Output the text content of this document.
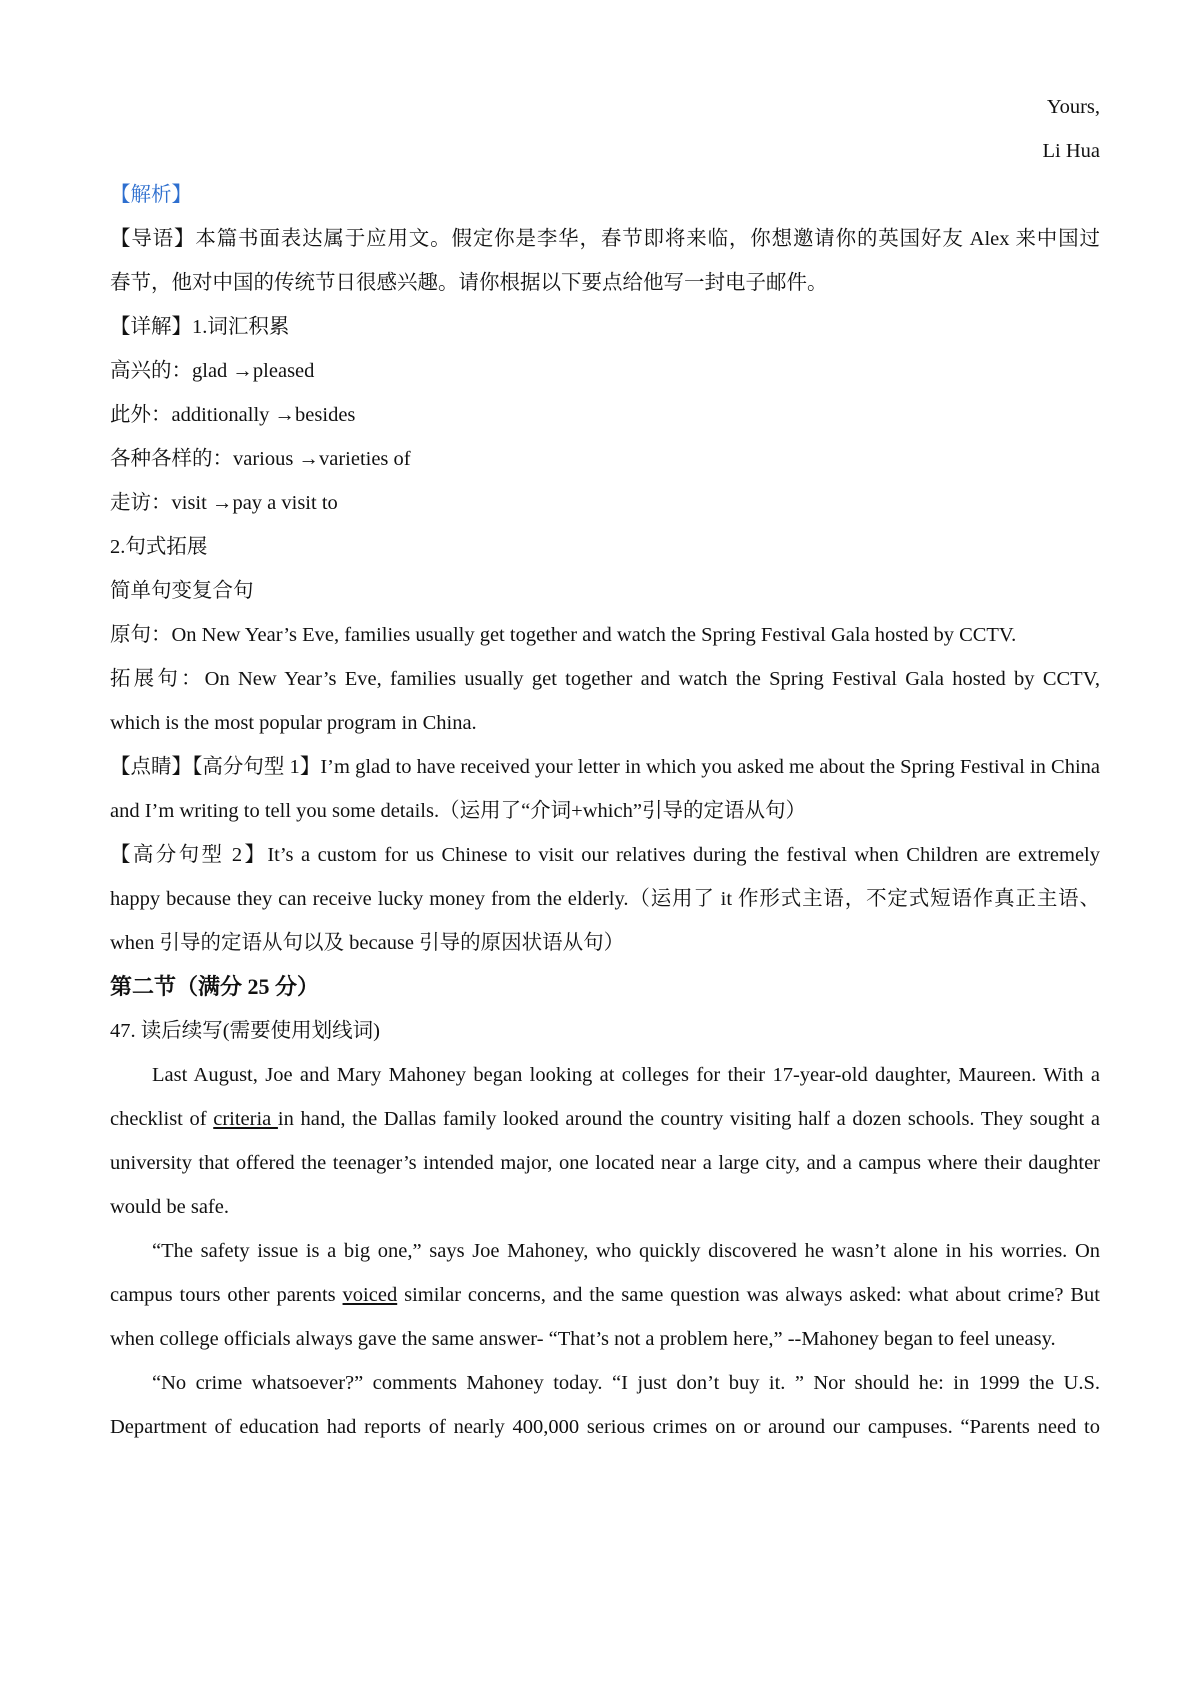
Yours,
Li Hua
【解析】
【导语】本篇书面表达属于应用文。假定你是李华，春节即将来临，你想邀请你的英国好友 Alex 来中国过
春节，他对中国的传统节日很感兴趣。请你根据以下要点给他写一封电子邮件。
【详解】1.词汇积累
高兴的：glad →pleased
此外：additionally →besides
各种各样的：various →varieties of
走访：visit →pay a visit to
2.句式拓展
简单句变复合句
原句：On New Year’s Eve, families usually get together and watch the Spring Festival Gala hosted by CCTV.
拓展句：On New Year’s Eve, families usually get together and watch the Spring Festival Gala hosted by CCTV,
which is the most popular program in China.
【点睛】【高分句型 1】I’m glad to have received your letter in which you asked me about the Spring Festival in China
and I’m writing to tell you some details.（运用了“介词+which”引导的定语从句）
【高分句型 2】It’s a custom for us Chinese to visit our relatives during the festival when Children are extremely
happy because they can receive lucky money from the elderly.（运用了 it 作形式主语，不定式短语作真正主语、
when 引导的定语从句以及 because 引导的原因状语从句）
第二节（满分 25 分）
47. 读后续写(需要使用划线词)
Last August, Joe and Mary Mahoney began looking at colleges for their 17-year-old daughter, Maureen. With a
checklist of criteria in hand, the Dallas family looked around the country visiting half a dozen schools. They sought a
university that offered the teenager’s intended major, one located near a large city, and a campus where their daughter
would be safe.
“The safety issue is a big one,” says Joe Mahoney, who quickly discovered he wasn’t alone in his worries. On
campus tours other parents voiced similar concerns, and the same question was always asked: what about crime? But
when college officials always gave the same answer- “That’s not a problem here,” --Mahoney began to feel uneasy.
“No crime whatsoever?” comments Mahoney today. “I just don’t buy it. ” Nor should he: in 1999 the U.S.
Department of education had reports of nearly 400,000 serious crimes on or around our campuses. “Parents need to
